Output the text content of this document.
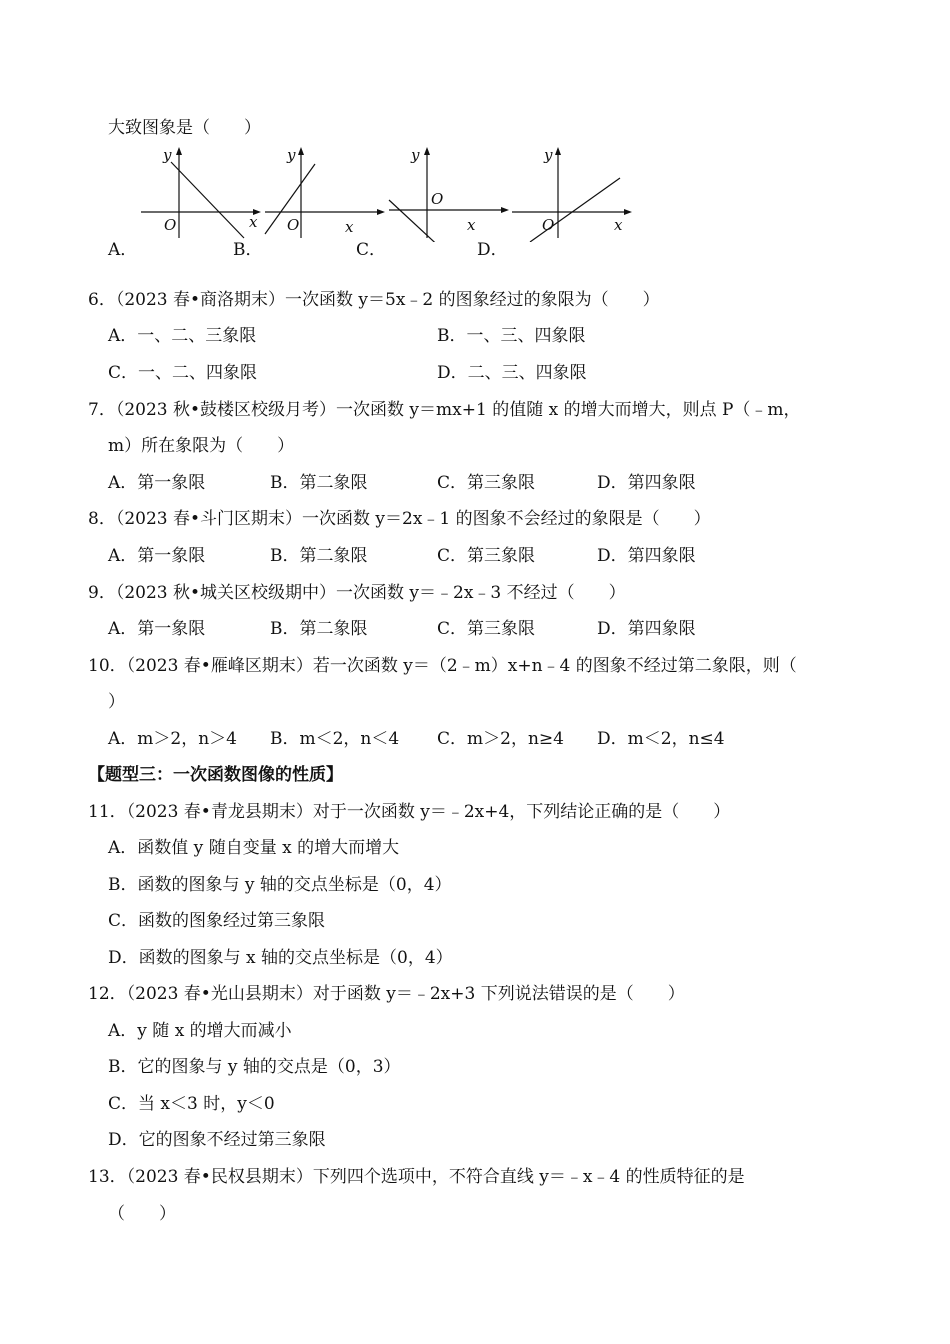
大致图象是（　　）
y
O	x
y
O	x
y
O
x
y
O	x
A．	B．	C．	D．
6．（2023 春•商洛期末）一次函数 y＝5x﹣2 的图象经过的象限为（　　）
A．一、二、三象限	B．一、三、四象限
C．一、二、四象限	D．二、三、四象限
7．（2023 秋•鼓楼区校级月考）一次函数 y＝mx+1 的值随 x 的增大而增大，则点 P（﹣m，
m）所在象限为（　　）
A．第一象限	B．第二象限	C．第三象限	D．第四象限
8．（2023 春•斗门区期末）一次函数 y＝2x﹣1 的图象不会经过的象限是（　　）
A．第一象限	B．第二象限	C．第三象限	D．第四象限
9．（2023 秋•城关区校级期中）一次函数 y＝﹣2x﹣3 不经过（　　）
A．第一象限	B．第二象限	C．第三象限	D．第四象限
10．（2023 春•雁峰区期末）若一次函数 y＝（2﹣m）x+n﹣4 的图象不经过第二象限，则（
）
A．m＞2，n＞4 B．m＜2，n＜4 C．m＞2，n≥4 D．m＜2，n≤4
【题型三：一次函数图像的性质】
11．（2023 春•青龙县期末）对于一次函数 y＝﹣2x+4，下列结论正确的是（　　）
A．函数值 y 随自变量 x 的增大而增大
B．函数的图象与 y 轴的交点坐标是（0，4）
C．函数的图象经过第三象限
D．函数的图象与 x 轴的交点坐标是（0，4）
12．（2023 春•光山县期末）对于函数 y＝﹣2x+3 下列说法错误的是（　　）
A．y 随 x 的增大而减小
B．它的图象与 y 轴的交点是（0，3）
C．当 x＜3 时，y＜0
D．它的图象不经过第三象限
13．（2023 春•民权县期末）下列四个选项中，不符合直线 y＝﹣x﹣4 的性质特征的是
（　　）
